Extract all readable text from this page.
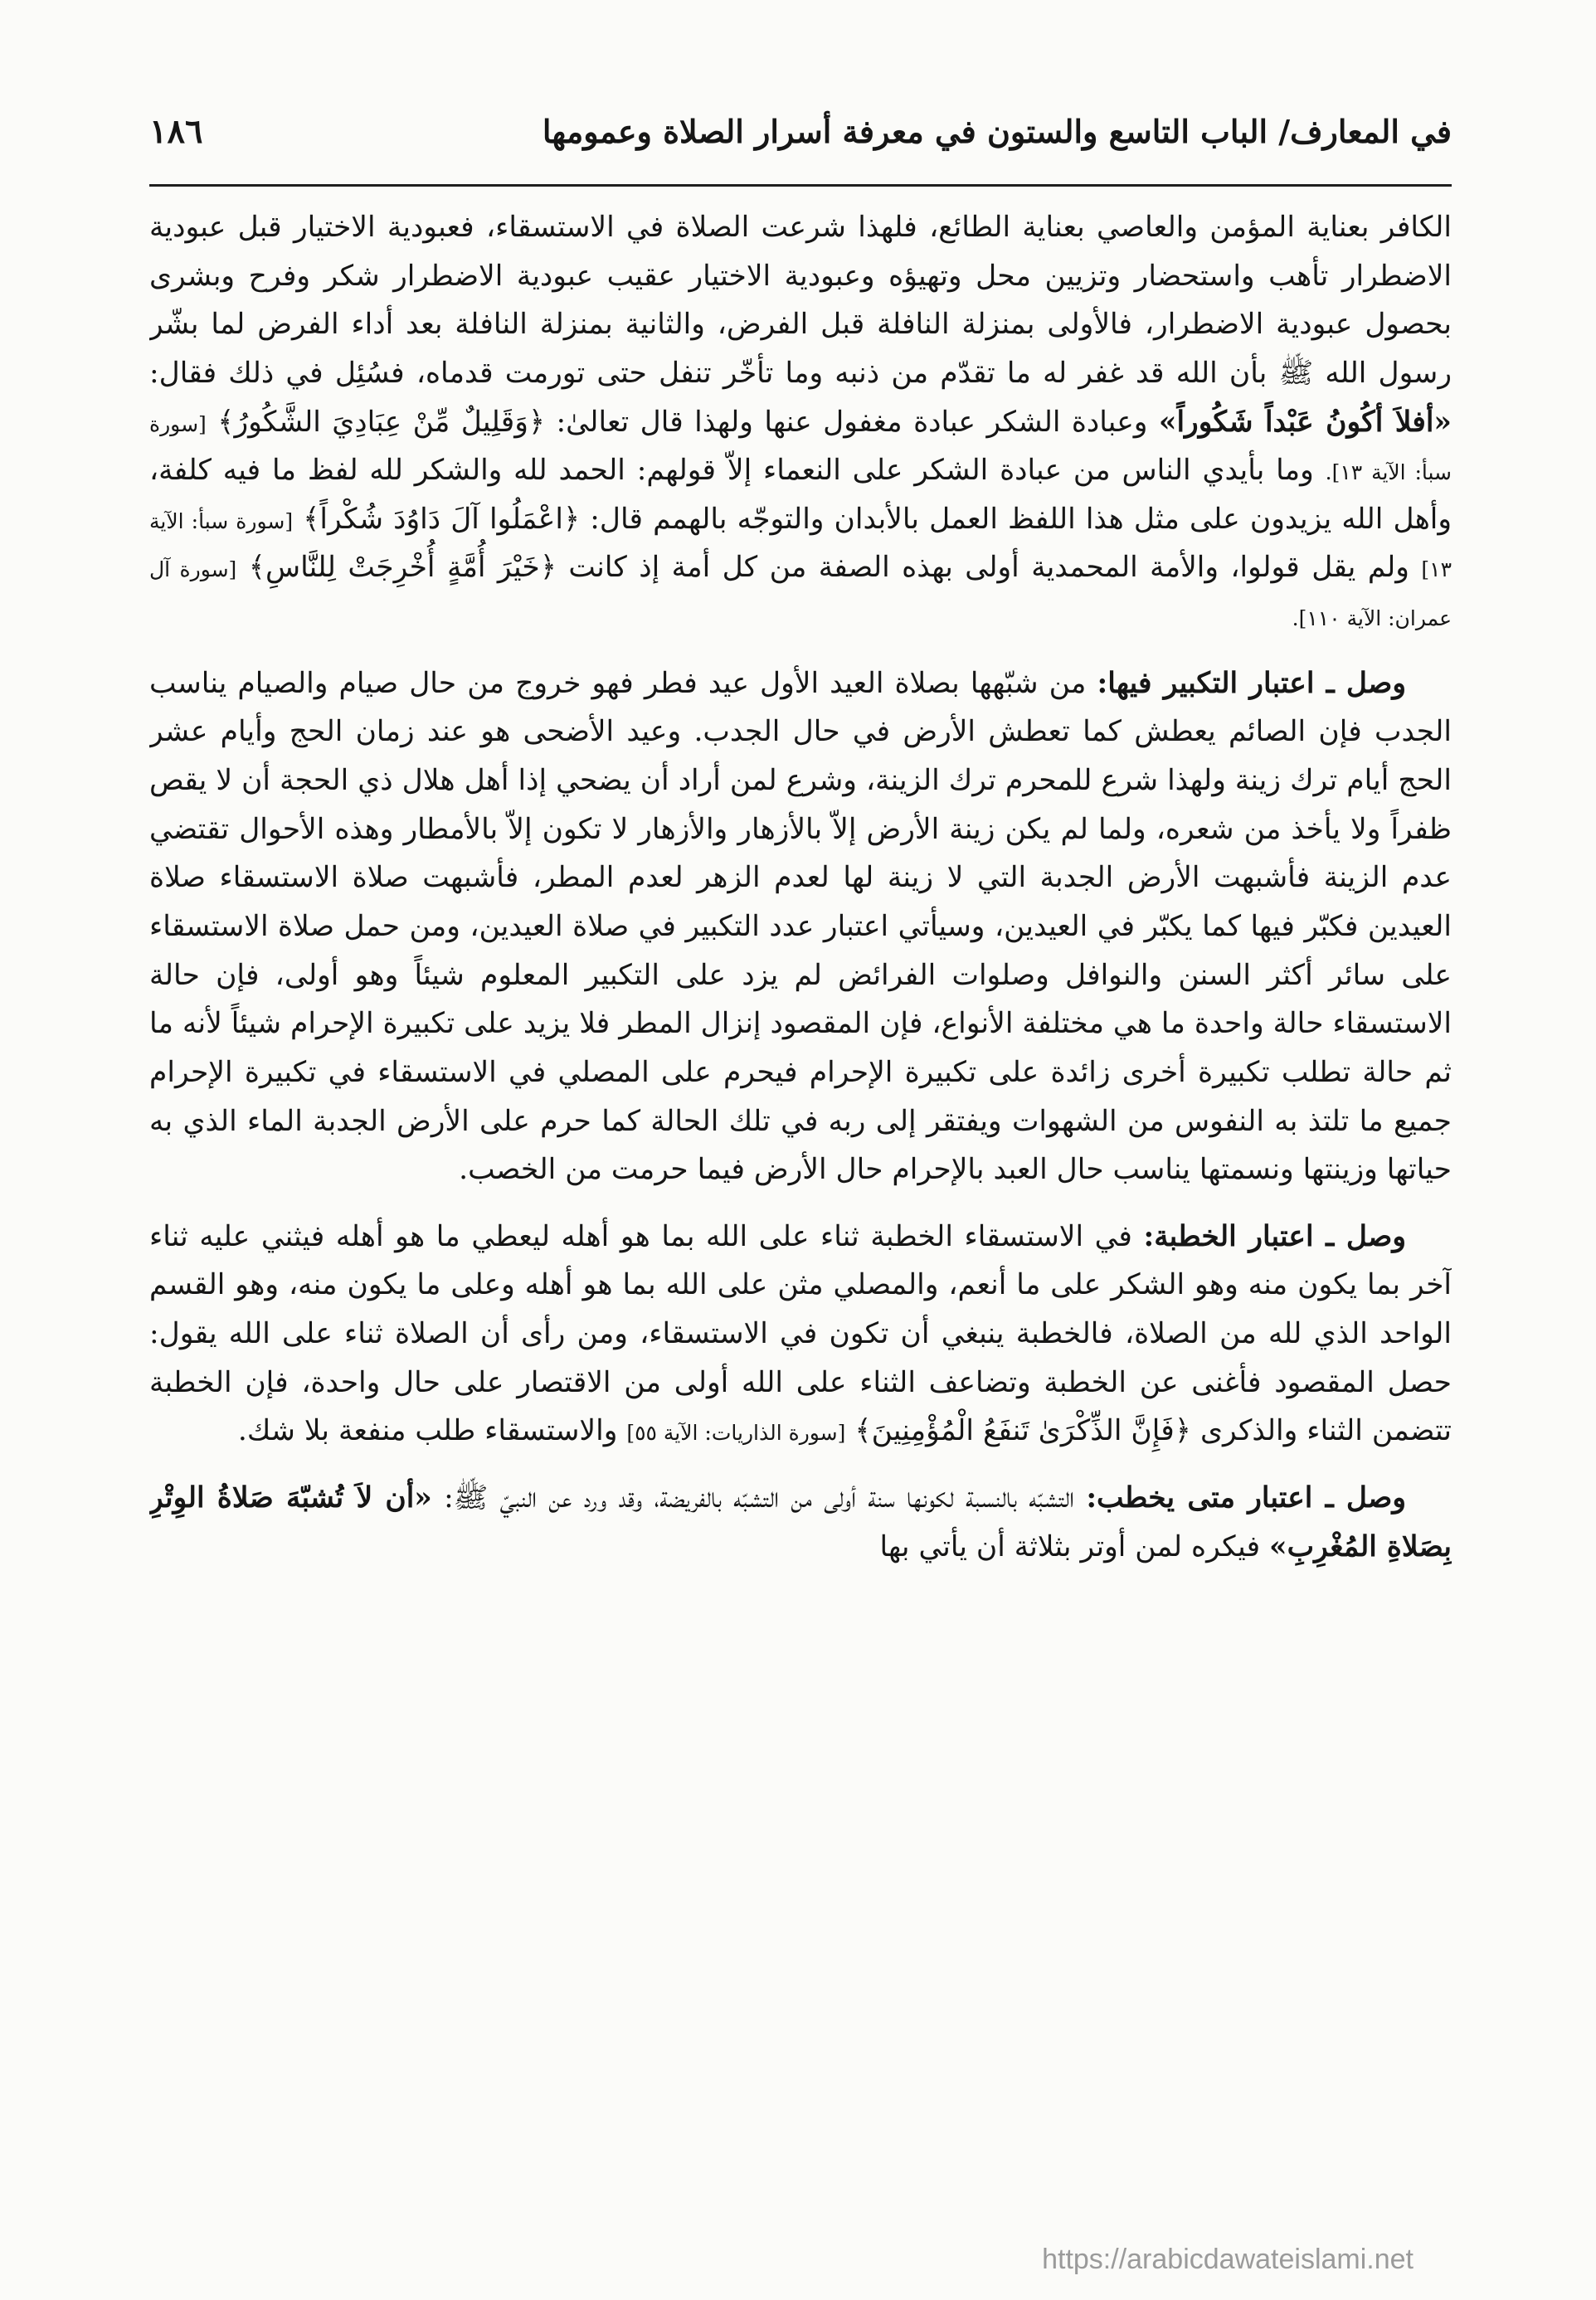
١٨٦	في المعارف/ الباب التاسع والستون في معرفة أسرار الصلاة وعمومها

الكافر بعناية المؤمن والعاصي بعناية الطائع، فلهذا شرعت الصلاة في الاستسقاء، فعبودية الاختيار قبل عبودية الاضطرار تأهب واستحضار وتزيين محل وتهيؤه وعبودية الاختيار عقيب عبودية الاضطرار شكر وفرح وبشرى بحصول عبودية الاضطرار، فالأولى بمنزلة النافلة قبل الفرض، والثانية بمنزلة النافلة بعد أداء الفرض لما بشّر رسول الله ﷺ بأن الله قد غفر له ما تقدّم من ذنبه وما تأخّر تنفل حتى تورمت قدماه، فسُئِل في ذلك فقال: «أفلاَ أكُونُ عَبْداً شَكُوراً» وعبادة الشكر عبادة مغفول عنها ولهذا قال تعالىٰ: ﴿وَقَلِيلٌ مِّنْ عِبَادِيَ الشَّكُورُ﴾ [سورة سبأ: الآية ١٣]. وما بأيدي الناس من عبادة الشكر على النعماء إلاّ قولهم: الحمد لله والشكر لله لفظ ما فيه كلفة، وأهل الله يزيدون على مثل هذا اللفظ العمل بالأبدان والتوجّه بالهمم قال: ﴿اعْمَلُوا آلَ دَاوُدَ شُكْراً﴾ [سورة سبأ: الآية ١٣] ولم يقل قولوا، والأمة المحمدية أولى بهذه الصفة من كل أمة إذ كانت ﴿خَيْرَ أُمَّةٍ أُخْرِجَتْ لِلنَّاسِ﴾ [سورة آل عمران: الآية ١١٠].

وصل ـ اعتبار التكبير فيها: من شبّهها بصلاة العيد الأول عيد فطر فهو خروج من حال صيام والصيام يناسب الجدب فإن الصائم يعطش كما تعطش الأرض في حال الجدب. وعيد الأضحى هو عند زمان الحج وأيام عشر الحج أيام ترك زينة ولهذا شرع للمحرم ترك الزينة، وشرع لمن أراد أن يضحي إذا أهل هلال ذي الحجة أن لا يقص ظفراً ولا يأخذ من شعره، ولما لم يكن زينة الأرض إلاّ بالأزهار والأزهار لا تكون إلاّ بالأمطار وهذه الأحوال تقتضي عدم الزينة فأشبهت الأرض الجدبة التي لا زينة لها لعدم الزهر لعدم المطر، فأشبهت صلاة الاستسقاء صلاة العيدين فكبّر فيها كما يكبّر في العيدين، وسيأتي اعتبار عدد التكبير في صلاة العيدين، ومن حمل صلاة الاستسقاء على سائر أكثر السنن والنوافل وصلوات الفرائض لم يزد على التكبير المعلوم شيئاً وهو أولى، فإن حالة الاستسقاء حالة واحدة ما هي مختلفة الأنواع، فإن المقصود إنزال المطر فلا يزيد على تكبيرة الإحرام شيئاً لأنه ما ثم حالة تطلب تكبيرة أخرى زائدة على تكبيرة الإحرام فيحرم على المصلي في الاستسقاء في تكبيرة الإحرام جميع ما تلتذ به النفوس من الشهوات ويفتقر إلى ربه في تلك الحالة كما حرم على الأرض الجدبة الماء الذي به حياتها وزينتها ونسمتها يناسب حال العبد بالإحرام حال الأرض فيما حرمت من الخصب.

وصل ـ اعتبار الخطبة: في الاستسقاء الخطبة ثناء على الله بما هو أهله ليعطي ما هو أهله فيثني عليه ثناء آخر بما يكون منه وهو الشكر على ما أنعم، والمصلي مثن على الله بما هو أهله وعلى ما يكون منه، وهو القسم الواحد الذي لله من الصلاة، فالخطبة ينبغي أن تكون في الاستسقاء، ومن رأى أن الصلاة ثناء على الله يقول: حصل المقصود فأغنى عن الخطبة وتضاعف الثناء على الله أولى من الاقتصار على حال واحدة، فإن الخطبة تتضمن الثناء والذكرى ﴿فَإِنَّ الذِّكْرَىٰ تَنفَعُ الْمُؤْمِنِينَ﴾ [سورة الذاريات: الآية ٥٥] والاستسقاء طلب منفعة بلا شك.

وصل ـ اعتبار متى يخطب: التشبّه بالنسبة لكونها سنة أولى من التشبّه بالفريضة، وقد ورد عن النبيّ ﷺ: «أن لاَ تُشبّهَ صَلاةُ الوِتْرِ بِصَلاةِ المُغْرِبِ» فيكره لمن أوتر بثلاثة أن يأتي بها

https://arabicdawateislami.net
